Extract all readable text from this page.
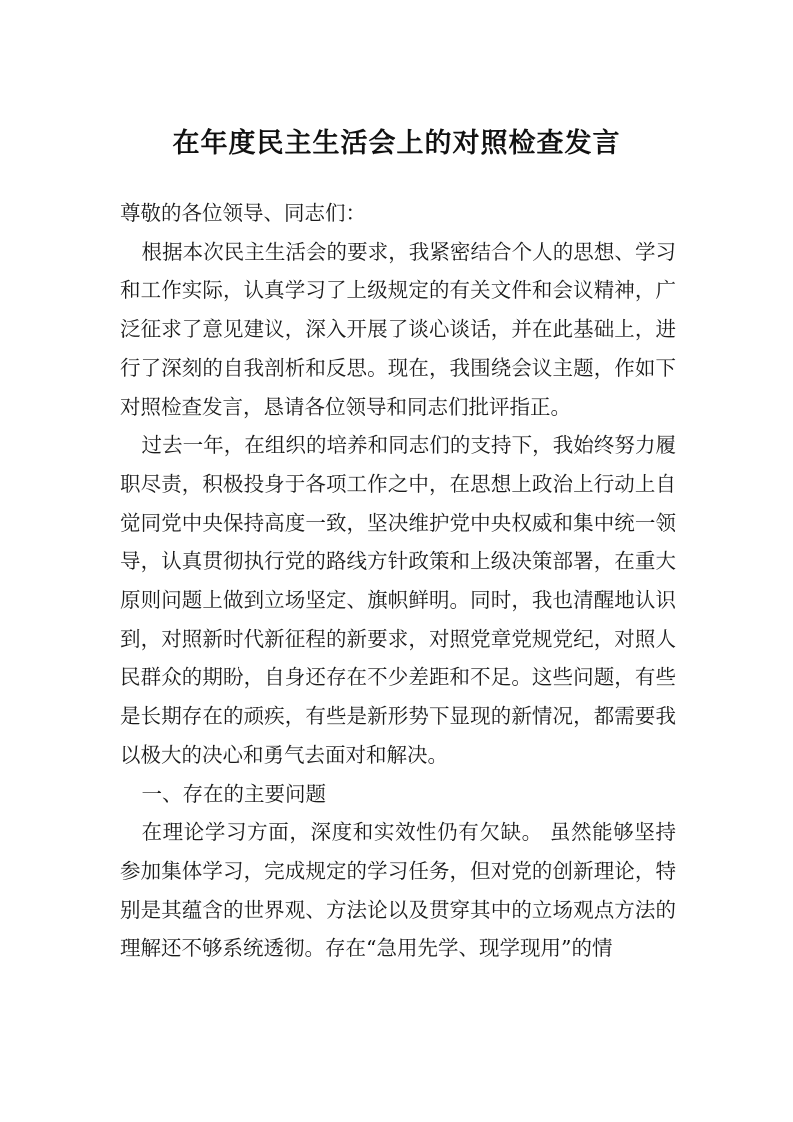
在年度民主生活会上的对照检查发言

尊敬的各位领导、同志们：

根据本次民主生活会的要求，我紧密结合个人的思想、学习和工作实际，认真学习了上级规定的有关文件和会议精神，广泛征求了意见建议，深入开展了谈心谈话，并在此基础上，进行了深刻的自我剖析和反思。现在，我围绕会议主题，作如下对照检查发言，恳请各位领导和同志们批评指正。

过去一年，在组织的培养和同志们的支持下，我始终努力履职尽责，积极投身于各项工作之中，在思想上政治上行动上自觉同党中央保持高度一致，坚决维护党中央权威和集中统一领导，认真贯彻执行党的路线方针政策和上级决策部署，在重大原则问题上做到立场坚定、旗帜鲜明。同时，我也清醒地认识到，对照新时代新征程的新要求，对照党章党规党纪，对照人民群众的期盼，自身还存在不少差距和不足。这些问题，有些是长期存在的顽疾，有些是新形势下显现的新情况，都需要我以极大的决心和勇气去面对和解决。

一、存在的主要问题

在理论学习方面，深度和实效性仍有欠缺。 虽然能够坚持参加集体学习，完成规定的学习任务，但对党的创新理论，特别是其蕴含的世界观、方法论以及贯穿其中的立场观点方法的理解还不够系统透彻。存在“急用先学、现学现用”的情
